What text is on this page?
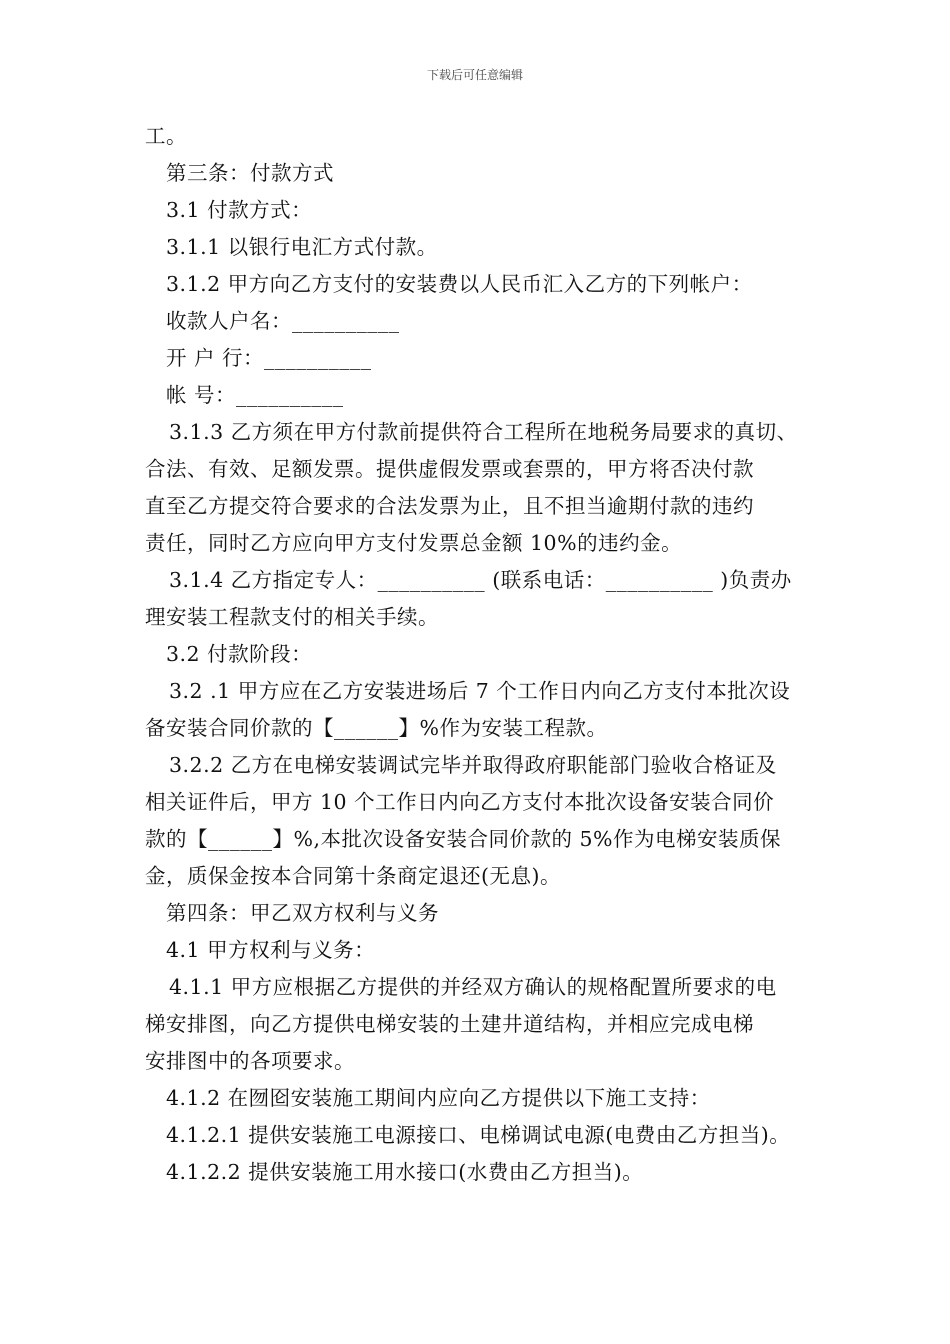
下载后可任意编辑
工。
第三条：付款方式
3.1 付款方式：
3.1.1 以银行电汇方式付款。
3.1.2 甲方向乙方支付的安装费以人民币汇入乙方的下列帐户：
收款人户名：__________
开 户 行：__________
帐 号：__________
3.1.3 乙方须在甲方付款前提供符合工程所在地税务局要求的真切、
合法、有效、足额发票。提供虚假发票或套票的，甲方将否决付款
直至乙方提交符合要求的合法发票为止，且不担当逾期付款的违约
责任，同时乙方应向甲方支付发票总金额 10%的违约金。
3.1.4 乙方指定专人：__________ (联系电话：__________ )负责办
理安装工程款支付的相关手续。
3.2 付款阶段：
3.2 .1 甲方应在乙方安装进场后 7 个工作日内向乙方支付本批次设
备安装合同价款的【______】%作为安装工程款。
3.2.2 乙方在电梯安装调试完毕并取得政府职能部门验收合格证及
相关证件后，甲方 10 个工作日内向乙方支付本批次设备安装合同价
款的【______】%,本批次设备安装合同价款的 5%作为电梯安装质保
金，质保金按本合同第十条商定退还(无息)。
第四条：甲乙双方权利与义务
4.1 甲方权利与义务：
4.1.1 甲方应根据乙方提供的并经双方确认的规格配置所要求的电
梯安排图，向乙方提供电梯安装的土建井道结构，并相应完成电梯
安排图中的各项要求。
4.1.2 在囫囵安装施工期间内应向乙方提供以下施工支持：
4.1.2.1 提供安装施工电源接口、电梯调试电源(电费由乙方担当)。
4.1.2.2 提供安装施工用水接口(水费由乙方担当)。
